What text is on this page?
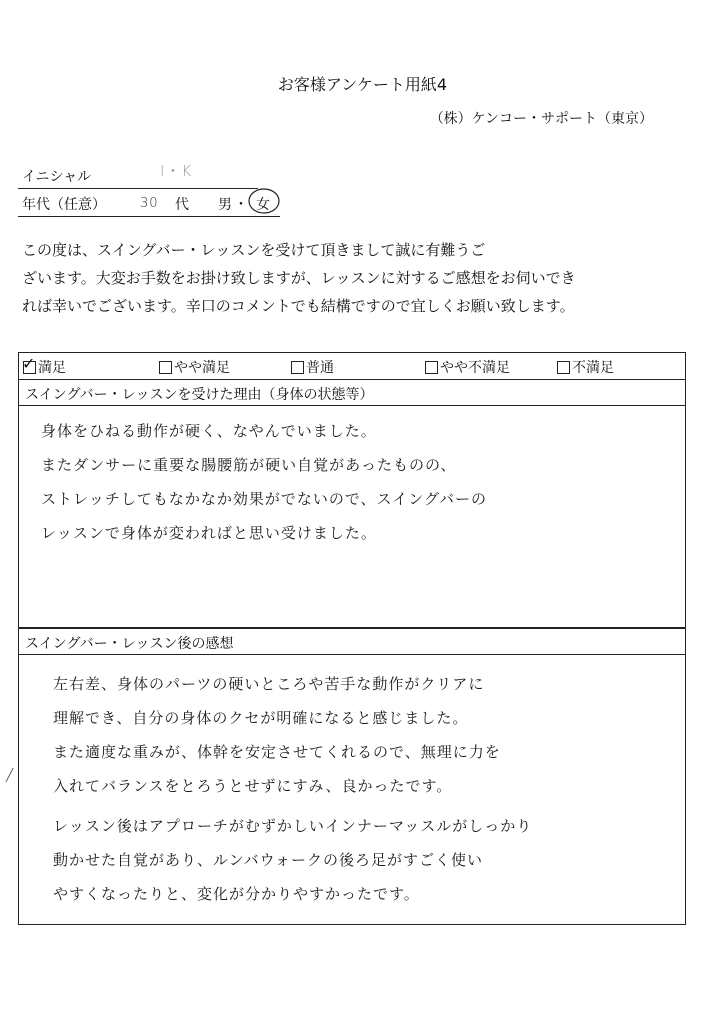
お客様アンケート用紙4
（株）ケンコー・サポート（東京）
イニシャル	I・K
年代（任意）	30 代 男 ・ 女

この度は、スイングバー・レッスンを受けて頂きまして誠に有難うご

ざいます。大変お手数をお掛け致しますが、レッスンに対するご感想をお伺いでき

れば幸いでございます。辛口のコメントでも結構ですので宜しくお願い致します。

✓ 満足	やや満足	普通	やや不満足	不満足
スイングバー・レッスンを受けた理由（身体の状態等）
身体をひねる動作が硬く、なやんでいました。
またダンサーに重要な腸腰筋が硬い自覚があったものの、
ストレッチしてもなかなか効果がでないので、スイングバーの
レッスンで身体が変わればと思い受けました。
スイングバー・レッスン後の感想
左右差、身体のパーツの硬いところや苦手な動作がクリアに
理解でき、自分の身体のクセが明確になると感じました。
また適度な重みが、体幹を安定させてくれるので、無理に力を
入れてバランスをとろうとせずにすみ、良かったです。
レッスン後はアプローチがむずかしいインナーマッスルがしっかり
動かせた自覚があり、ルンバウォークの後ろ足がすごく使い
やすくなったりと、変化が分かりやすかったです。
╱
